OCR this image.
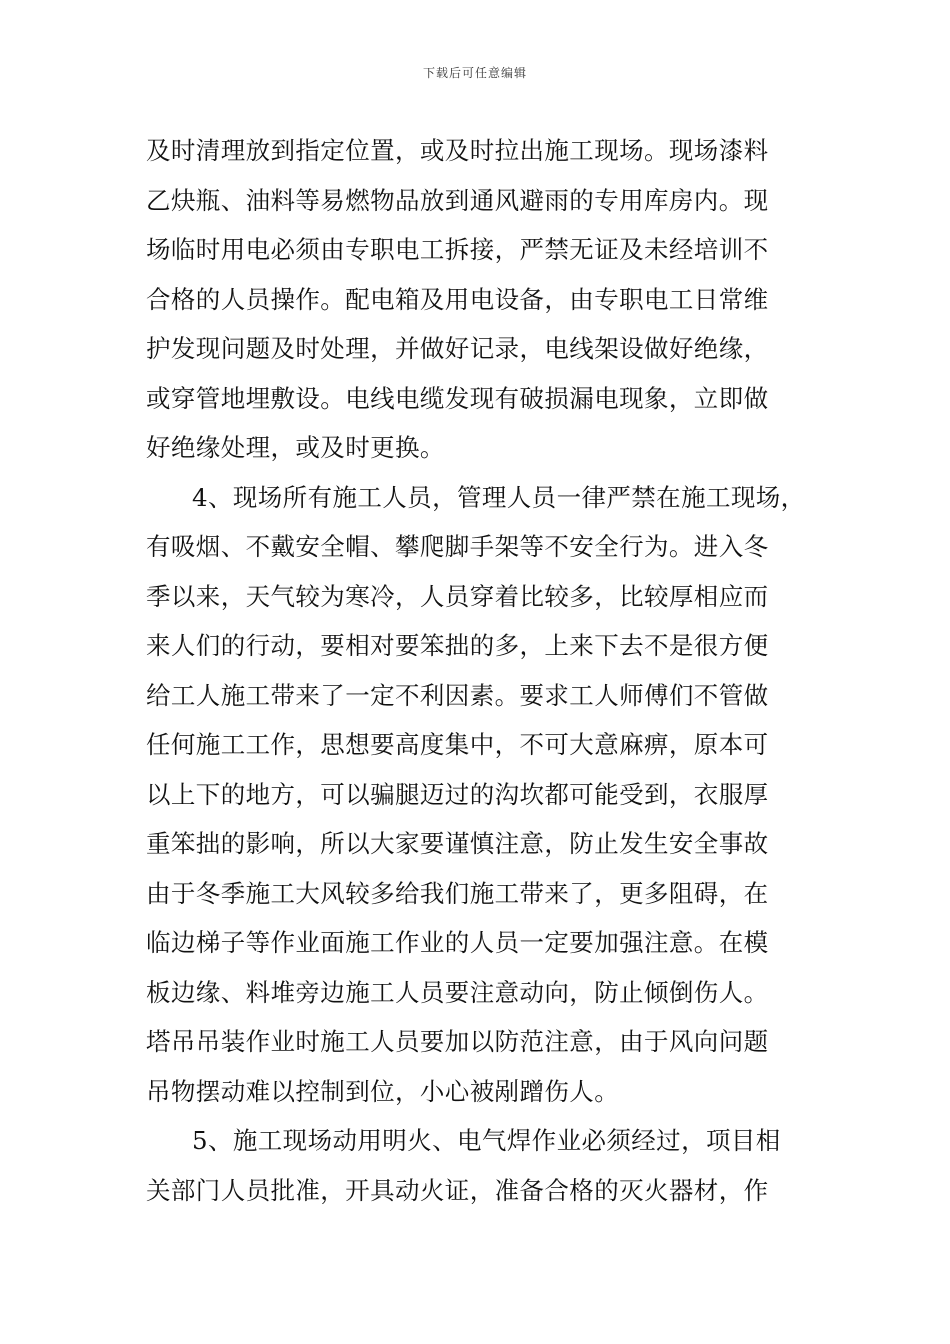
下载后可任意编辑
及时清理放到指定位置，或及时拉出施工现场。现场漆料
乙炔瓶、油料等易燃物品放到通风避雨的专用库房内。现
场临时用电必须由专职电工拆接，严禁无证及未经培训不
合格的人员操作。配电箱及用电设备，由专职电工日常维
护发现问题及时处理，并做好记录，电线架设做好绝缘，
或穿管地埋敷设。电线电缆发现有破损漏电现象，立即做
好绝缘处理，或及时更换。
4、现场所有施工人员，管理人员一律严禁在施工现场，
有吸烟、不戴安全帽、攀爬脚手架等不安全行为。进入冬
季以来，天气较为寒冷，人员穿着比较多，比较厚相应而
来人们的行动，要相对要笨拙的多，上来下去不是很方便
给工人施工带来了一定不利因素。要求工人师傅们不管做
任何施工工作，思想要高度集中，不可大意麻痹，原本可
以上下的地方，可以骗腿迈过的沟坎都可能受到，衣服厚
重笨拙的影响，所以大家要谨慎注意，防止发生安全事故
由于冬季施工大风较多给我们施工带来了，更多阻碍，在
临边梯子等作业面施工作业的人员一定要加强注意。在模
板边缘、料堆旁边施工人员要注意动向，防止倾倒伤人。
塔吊吊装作业时施工人员要加以防范注意，由于风向问题
吊物摆动难以控制到位，小心被剐蹭伤人。
5、施工现场动用明火、电气焊作业必须经过，项目相
关部门人员批准，开具动火证，准备合格的灭火器材，作
